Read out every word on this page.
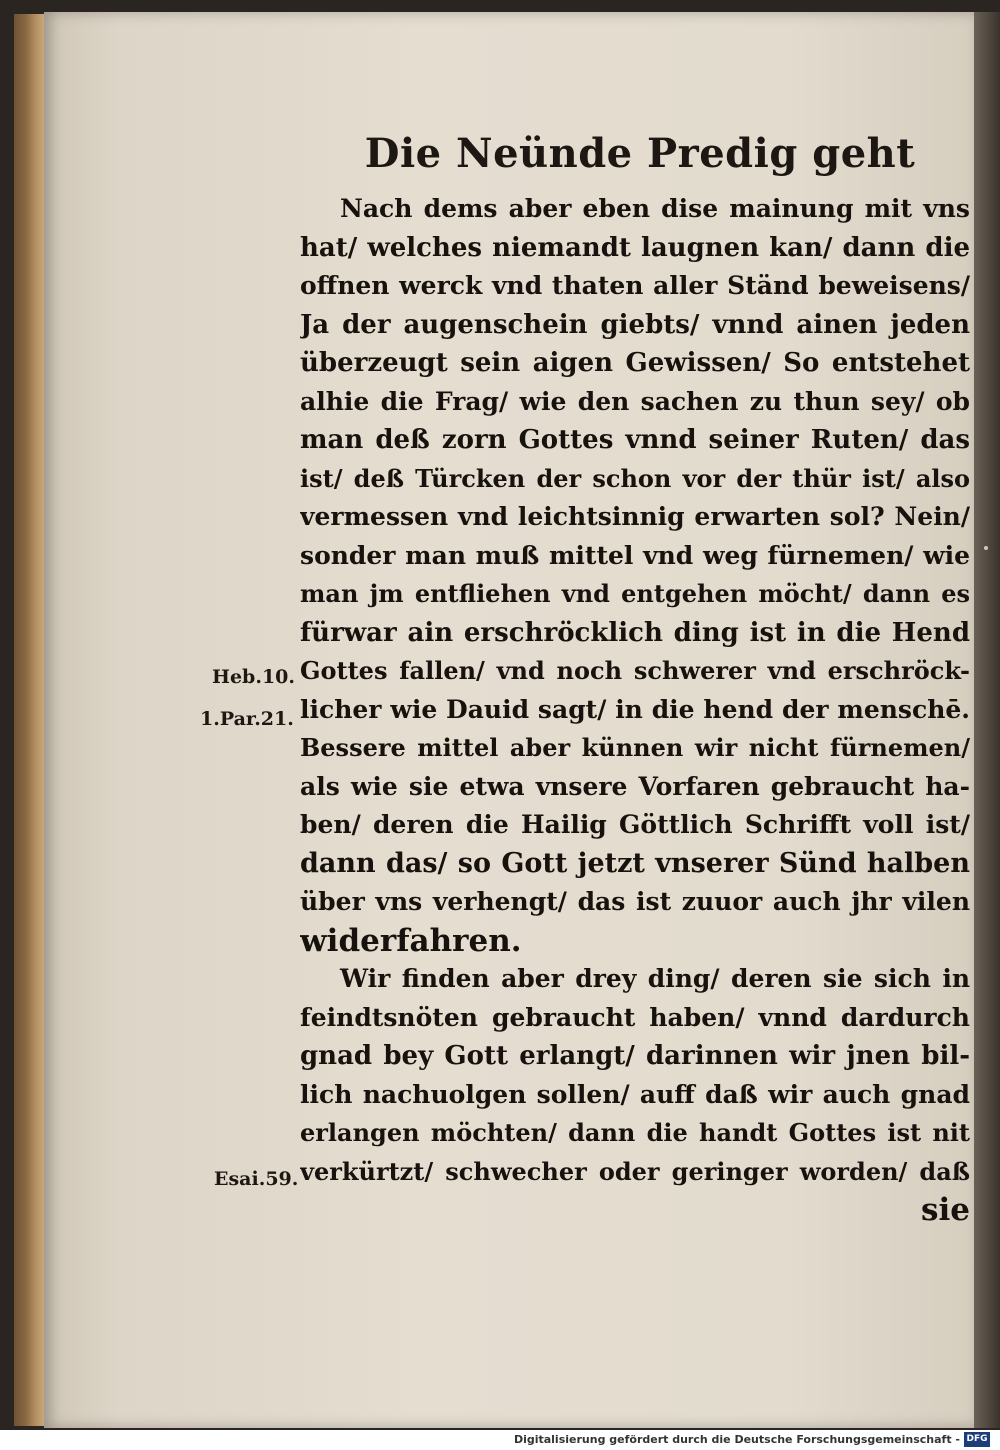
Die Neünde Predig geht
Nach dems aber eben dise mainung mit vns
hat/ welches niemandt laugnen kan/ dann die
offnen werck vnd thaten aller Ständ beweisens/
Ja der augenschein giebts/ vnnd ainen jeden
überzeugt sein aigen Gewissen/ So entstehet
alhie die Frag/ wie den sachen zu thun sey/ ob
man deß zorn Gottes vnnd seiner Ruten/ das
ist/ deß Türcken der schon vor der thür ist/ also
vermessen vnd leichtsinnig erwarten sol? Nein/
sonder man muß mittel vnd weg fürnemen/ wie
man jm entfliehen vnd entgehen möcht/ dann es
fürwar ain erschröcklich ding ist in die Hend
Gottes fallen/ vnd noch schwerer vnd erschröck-
licher wie Dauid sagt/ in die hend der menschē.
Bessere mittel aber künnen wir nicht fürnemen/
als wie sie etwa vnsere Vorfaren gebraucht ha-
ben/ deren die Hailig Göttlich Schrifft voll ist/
dann das/ so Gott jetzt vnserer Sünd halben
über vns verhengt/ das ist zuuor auch jhr vilen
widerfahren.
Wir finden aber drey ding/ deren sie sich in
feindtsnöten gebraucht haben/ vnnd dardurch
gnad bey Gott erlangt/ darinnen wir jnen bil-
lich nachuolgen sollen/ auff daß wir auch gnad
erlangen möchten/ dann die handt Gottes ist nit
verkürtzt/ schwecher oder geringer worden/ daß
sie
Heb.10.
1.Par.21.
Esai.59.
Digitalisierung gefördert durch die Deutsche Forschungsgemeinschaft - DFG
